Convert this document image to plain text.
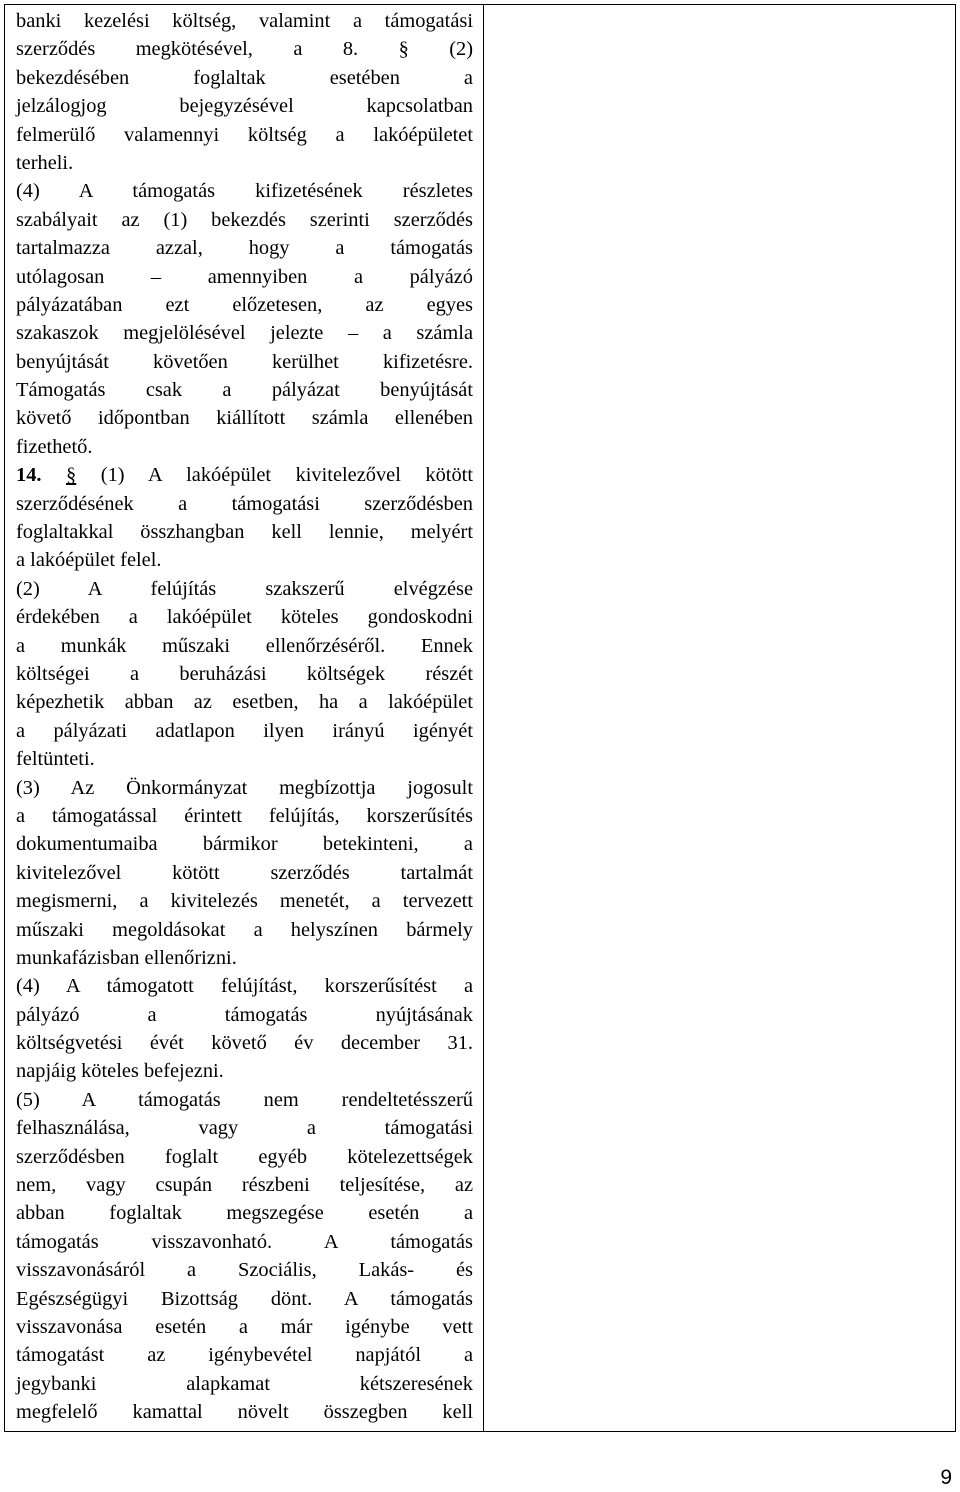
banki kezelési költség, valamint a támogatási
szerződés megkötésével, a 8. § (2)
bekezdésében foglaltak esetében a
jelzálogjog bejegyzésével kapcsolatban
felmerülő valamennyi költség a lakóépületet
terheli.
(4) A támogatás kifizetésének részletes
szabályait az (1) bekezdés szerinti szerződés
tartalmazza azzal, hogy a támogatás
utólagosan – amennyiben a pályázó
pályázatában ezt előzetesen, az egyes
szakaszok megjelölésével jelezte – a számla
benyújtását követően kerülhet kifizetésre.
Támogatás csak a pályázat benyújtását
követő időpontban kiállított számla ellenében
fizethető.
14. § (1) A lakóépület kivitelezővel kötött
szerződésének a támogatási szerződésben
foglaltakkal összhangban kell lennie, melyért
a lakóépület felel.
(2) A felújítás szakszerű elvégzése
érdekében a lakóépület köteles gondoskodni
a munkák műszaki ellenőrzéséről. Ennek
költségei a beruházási költségek részét
képezhetik abban az esetben, ha a lakóépület
a pályázati adatlapon ilyen irányú igényét
feltünteti.
(3) Az Önkormányzat megbízottja jogosult
a támogatással érintett felújítás, korszerűsítés
dokumentumaiba bármikor betekinteni, a
kivitelezővel kötött szerződés tartalmát
megismerni, a kivitelezés menetét, a tervezett
műszaki megoldásokat a helyszínen bármely
munkafázisban ellenőrizni.
(4) A támogatott felújítást, korszerűsítést a
pályázó a támogatás nyújtásának
költségvetési évét követő év december 31.
napjáig köteles befejezni.
(5) A támogatás nem rendeltetésszerű
felhasználása, vagy a támogatási
szerződésben foglalt egyéb kötelezettségek
nem, vagy csupán részbeni teljesítése, az
abban foglaltak megszegése esetén a
támogatás visszavonható. A támogatás
visszavonásáról a Szociális, Lakás- és
Egészségügyi Bizottság dönt. A támogatás
visszavonása esetén a már igénybe vett
támogatást az igénybevétel napjától a
jegybanki alapkamat kétszeresének
megfelelő kamattal növelt összegben kell
9
